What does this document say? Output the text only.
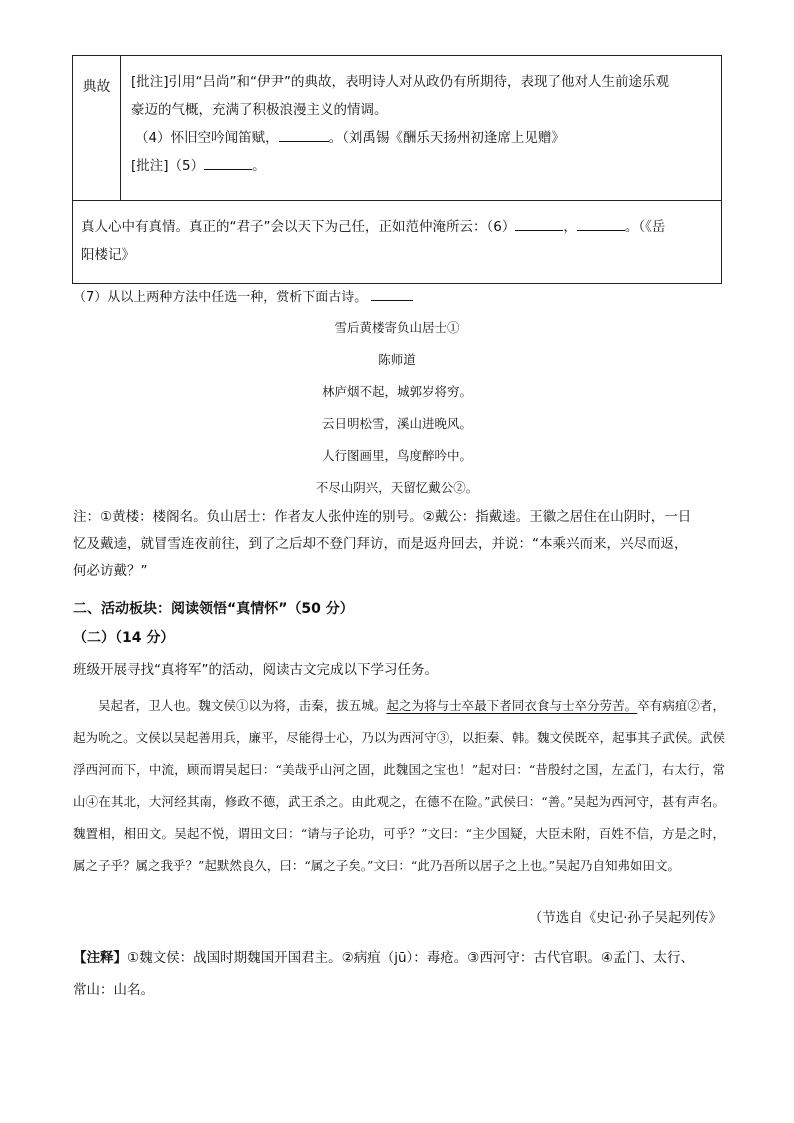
典故	[批注]引用“吕尚”和“伊尹”的典故，表明诗人对从政仍有所期待，表现了他对人生前途乐观

豪迈的气概，充满了积极浪漫主义的情调。

（4）怀旧空吟闻笛赋，	。（刘禹锡《酬乐天扬州初逢席上见赠》

[批注]（5）	。

真人心中有真情。真正的“君子”会以天下为己任，正如范仲淹所云：（6）	，	。（《岳

阳楼记》

（7）从以上两种方法中任选一种，赏析下面古诗。
雪后黄楼寄负山居士①
陈师道
林庐烟不起，城郭岁将穷。
云日明松雪，溪山进晚风。
人行图画里，鸟度醉吟中。
不尽山阴兴，天留忆戴公②。

注：①黄楼：楼阁名。负山居士：作者友人张仲连的别号。②戴公：指戴逵。王徽之居住在山阴时，一日

忆及戴逵，就冒雪连夜前往，到了之后却不登门拜访，而是返舟回去，并说：“本乘兴而来，兴尽而返，

何必访戴？”

二、活动板块：阅读领悟“真情怀”（50 分）
（二）（14 分）
班级开展寻找“真将军”的活动，阅读古文完成以下学习任务。

吴起者，卫人也。魏文侯①以为将，击秦，拔五城。起之为将与士卒最下者同衣食与士卒分劳苦。卒有病疽②者，起为吮之。文侯以吴起善用兵，廉平，尽能得士心，乃以为西河守③，以拒秦、韩。魏文侯既卒，起事其子武侯。武侯浮西河而下，中流，顾而谓吴起曰：“美哉乎山河之固，此魏国之宝也！”起对曰：“昔殷纣之国，左孟门，右太行，常山④在其北，大河经其南，修政不德，武王杀之。由此观之，在德不在险。”武侯曰：“善。”吴起为西河守，甚有声名。魏置相，相田文。吴起不悦，谓田文曰：“请与子论功，可乎？”文曰：“主少国疑，大臣未附，百姓不信，方是之时，属之子乎？属之我乎？”起默然良久，曰：“属之子矣。”文曰：“此乃吾所以居子之上也。”吴起乃自知弗如田文。

（节选自《史记·孙子吴起列传》

【注释】①魏文侯：战国时期魏国开国君主。②病疽（jū）：毒疮。③西河守：古代官职。④孟门、太行、

常山：山名。
